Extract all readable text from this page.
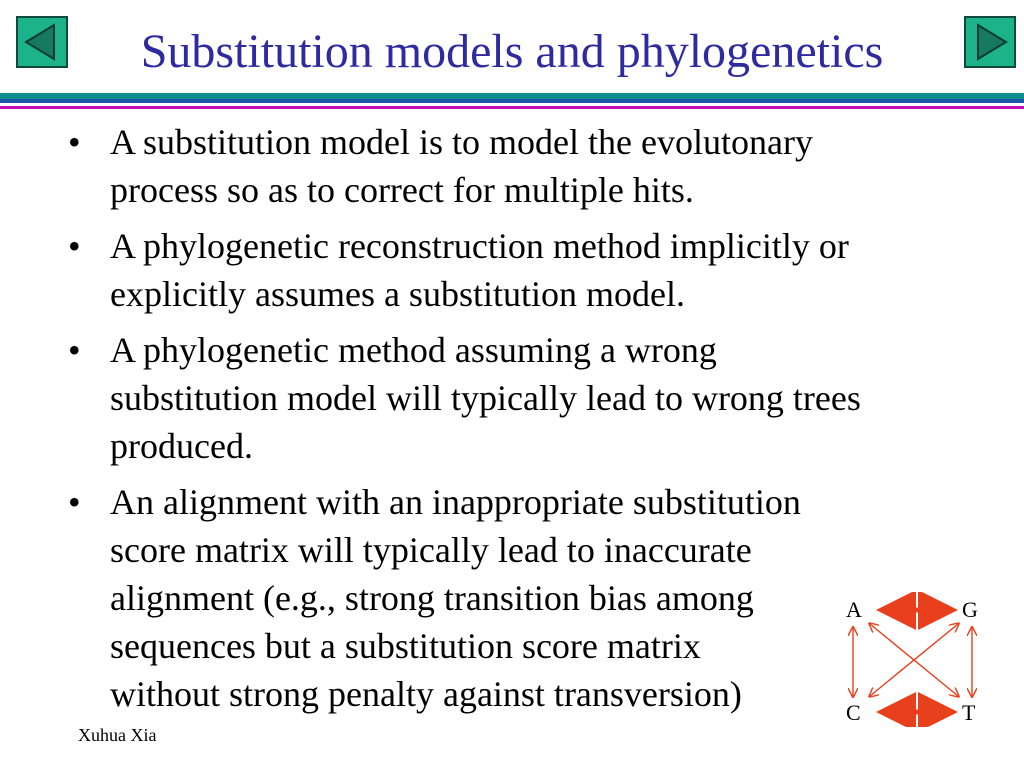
Substitution models and phylogenetics
• A substitution model is to model the evolutonary
process so as to correct for multiple hits.
• A phylogenetic reconstruction method implicitly or
explicitly assumes a substitution model.
• A phylogenetic method assuming a wrong
substitution model will typically lead to wrong trees
produced.
• An alignment with an inappropriate substitution
score matrix will typically lead to inaccurate
alignment (e.g., strong transition bias among
sequences but a substitution score matrix
without strong penalty against transversion)
A	G
C	T
Xuhua Xia
